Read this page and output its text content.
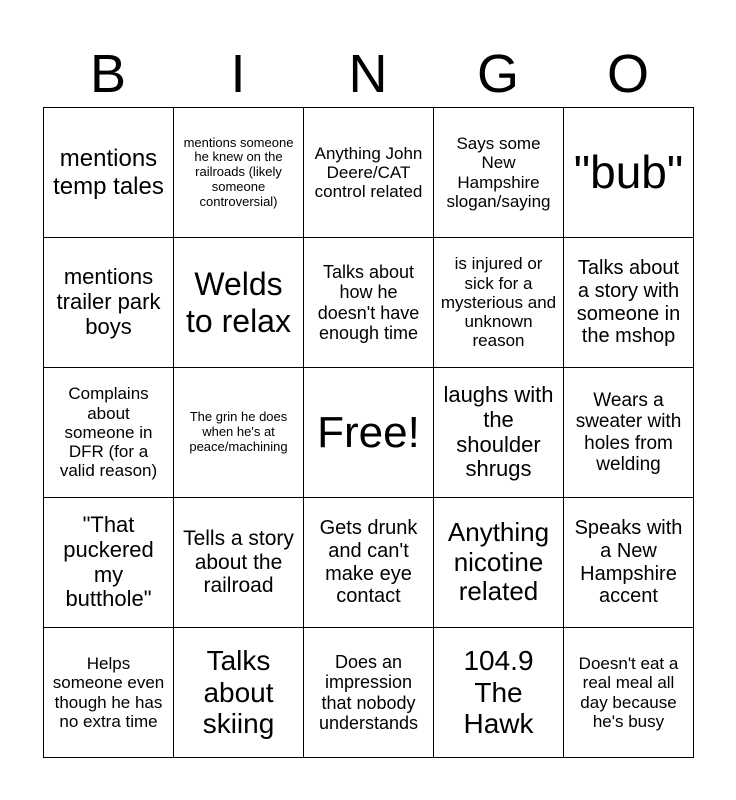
B	I	N	G	O
mentions temp tales	mentions someone he knew on the railroads (likely someone controversial)	Anything John Deere/CAT control related	Says some New Hampshire slogan/saying	"bub"
mentions trailer park boys	Welds to relax	Talks about how he doesn't have enough time	is injured or sick for a mysterious and unknown reason	Talks about a story with someone in the mshop
Complains about someone in DFR (for a valid reason)	The grin he does when he's at peace/machining	Free!	laughs with the shoulder shrugs	Wears a sweater with holes from welding
"That puckered my butthole"	Tells a story about the railroad	Gets drunk and can't make eye contact	Anything nicotine related	Speaks with a New Hampshire accent
Helps someone even though he has no extra time	Talks about skiing	Does an impression that nobody understands	104.9 The Hawk	Doesn't eat a real meal all day because he's busy
